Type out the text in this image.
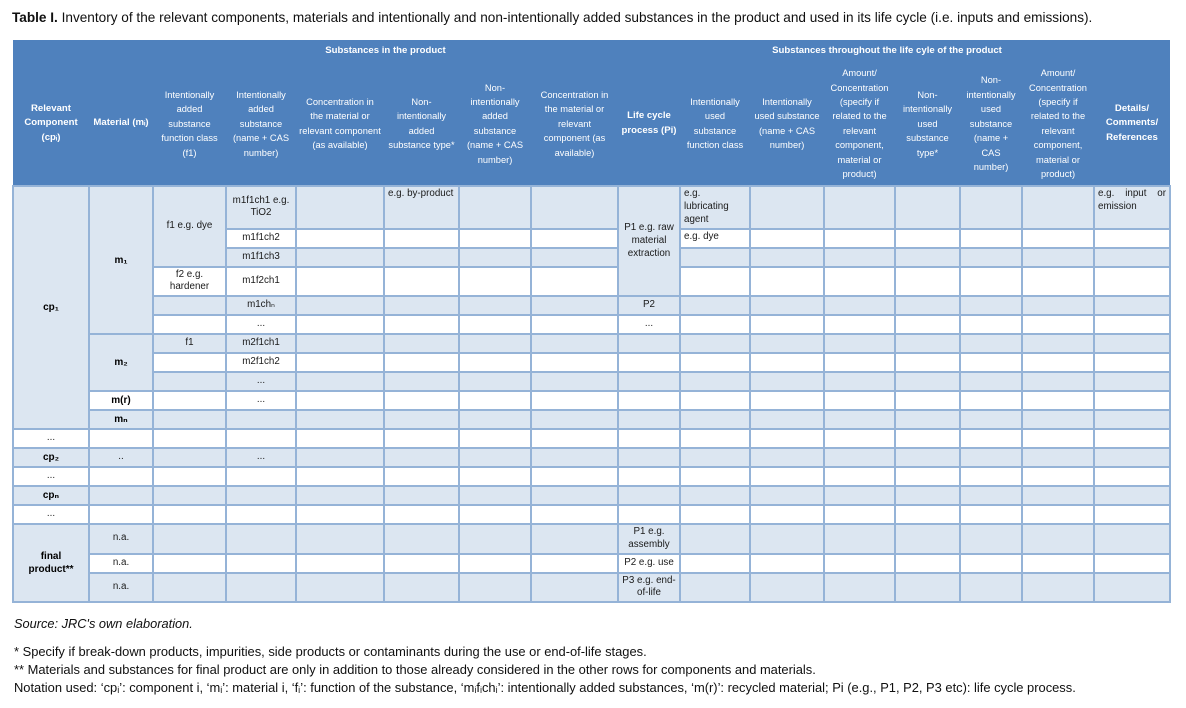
Table I. Inventory of the relevant components, materials and intentionally and non-intentionally added substances in the product and used in its life cycle (i.e. inputs and emissions).

		Substances in the product							Substances throughout the life cyle of the product						
Relevant Component (cpᵢ)	Material (mᵢ)	Intentionally added substance function class (f1)	Intentionally added substance (name + CAS number)	Concentration in the material or relevant component (as available)	Non-intentionally added substance type*	Non-intentionally added substance (name + CAS number)	Concentration in the material or relevant component (as available)	Life cycle process (Pi)	Intentionally used substance function class	Intentionally used substance (name + CAS number)	Amount/ Concentration (specify if related to the relevant component, material or product)	Non-intentionally used substance type*	Non-intentionally used substance (name + CAS number)	Amount/ Concentration (specify if related to the relevant component, material or product)	Details/ Comments/ References
cp₁	m₁	f1 e.g. dye	m1f1ch1 e.g. TiO2		e.g. by-product			P1 e.g. raw material extraction	e.g. lubricating agent						e.g. input or emission
			m1f1ch2						e.g. dye						
			m1f1ch3												
		f2 e.g. hardener	m1f2ch1												
			m1chₙ					P2							
			...					...							
	m₂	f1	m2f1ch1												
			m2f1ch2												
			...												
	m(r)		...												
	mₙ														
...															
cp₂	..		...												
...															
cpₙ															
...															
final product**	n.a.							P1 e.g. assembly							
	n.a.							P2 e.g. use							
	n.a.							P3 e.g. end-of-life							

Source: JRC's own elaboration.

* Specify if break-down products, impurities, side products or contaminants during the use or end-of-life stages.
** Materials and substances for final product are only in addition to those already considered in the other rows for components and materials.
Notation used: ‘cpᵢ’: component i, ‘mᵢ’: material i, ‘fᵢ’: function of the substance, ‘mᵢfᵢchᵢ’: intentionally added substances, ‘m(r)’: recycled material; Pi (e.g., P1, P2, P3 etc): life cycle process.
